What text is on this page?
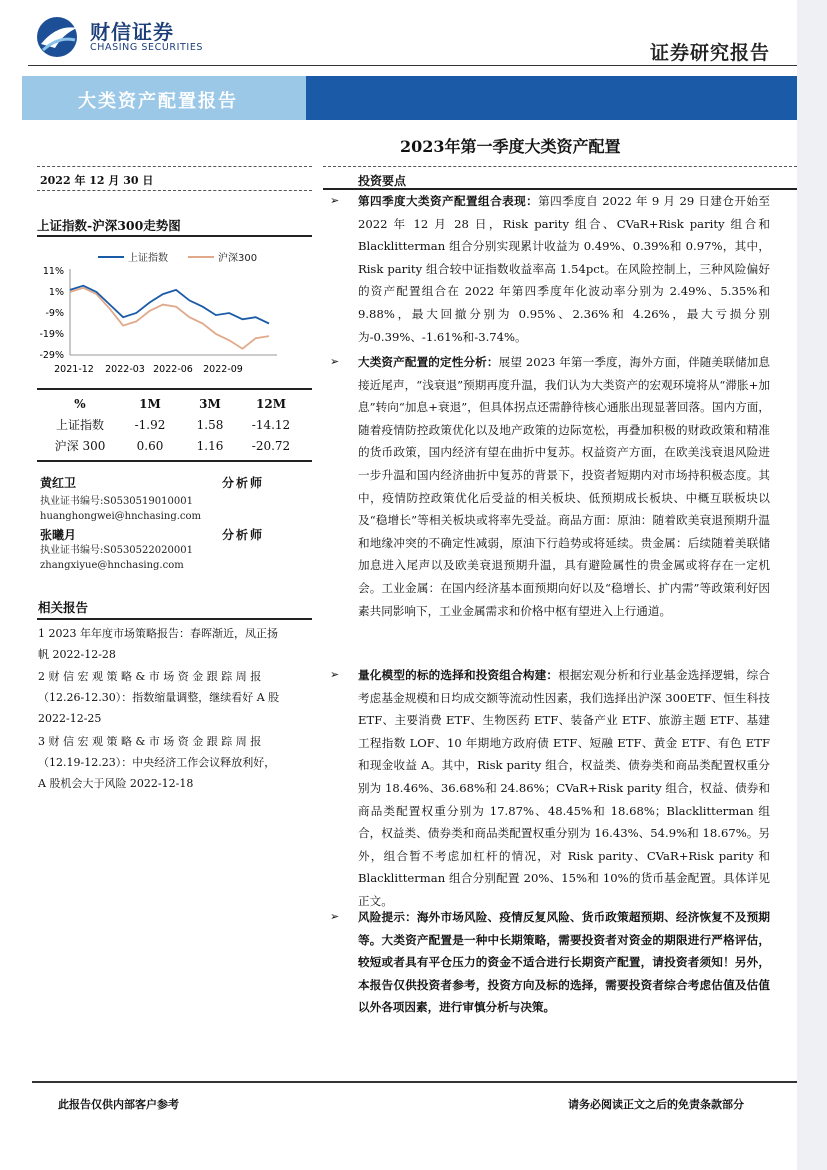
财信证券
CHASING SECURITIES	证券研究报告
大类资产配置报告
2023年第一季度大类资产配置
2022 年 12 月 30 日
上证指数-沪深300走势图
上证指数	沪深300
11%
1%
-9%
-19%
-29%
2021-12 2022-03 2022-06 2022-09
%	1M	3M	12M
上证指数	-1.92	1.58	-14.12
沪深 300	0.60	1.16	-20.72
黄红卫	分析师
执业证书编号:S0530519010001
huanghongwei@hnchasing.com
张曦月	分析师
执业证书编号:S0530522020001
zhangxiyue@hnchasing.com
相关报告
1 2023 年年度市场策略报告：春晖渐近，凤正扬
帆 2022-12-28
2 财 信 宏 观 策 略 & 市 场 资 金 跟 踪 周 报
（12.26-12.30）：指数缩量调整，继续看好 A 股
2022-12-25
3 财 信 宏 观 策 略 & 市 场 资 金 跟 踪 周 报
（12.19-12.23）：中央经济工作会议释放利好，
A 股机会大于风险 2022-12-18
投资要点
➢ 第四季度大类资产配置组合表现：第四季度自 2022 年 9 月 29 日建仓开始至 2022 年 12 月 28 日，Risk parity 组合、CVaR+Risk parity 组合和 Blacklitterman 组合分别实现累计收益为 0.49%、0.39%和 0.97%，其中，Risk parity 组合较中证指数收益率高 1.54pct。在风险控制上，三种风险偏好的资产配置组合在 2022 年第四季度年化波动率分别为 2.49%、5.35%和 9.88%，最大回撤分别为 0.95%、2.36%和 4.26%，最大亏损分别为-0.39%、-1.61%和-3.74%。
➢ 大类资产配置的定性分析：展望 2023 年第一季度，海外方面，伴随美联储加息接近尾声，“浅衰退”预期再度升温，我们认为大类资产的宏观环境将从“滞胀+加息”转向“加息+衰退”，但具体拐点还需静待核心通胀出现显著回落。国内方面，随着疫情防控政策优化以及地产政策的边际宽松，再叠加积极的财政政策和精准的货币政策，国内经济有望在曲折中复苏。权益资产方面，在欧美浅衰退风险进一步升温和国内经济曲折中复苏的背景下，投资者短期内对市场持积极态度。其中，疫情防控政策优化后受益的相关板块、低预期成长板块、中概互联板块以及“稳增长”等相关板块或将率先受益。商品方面：原油：随着欧美衰退预期升温和地缘冲突的不确定性减弱，原油下行趋势或将延续。贵金属：后续随着美联储加息进入尾声以及欧美衰退预期升温，具有避险属性的贵金属或将存在一定机会。工业金属：在国内经济基本面预期向好以及“稳增长、扩内需”等政策利好因素共同影响下，工业金属需求和价格中枢有望进入上行通道。
➢ 量化模型的标的选择和投资组合构建：根据宏观分析和行业基金选择逻辑，综合考虑基金规模和日均成交额等流动性因素，我们选择出沪深 300ETF、恒生科技 ETF、主要消费 ETF、生物医药 ETF、装备产业 ETF、旅游主题 ETF、基建工程指数 LOF、10 年期地方政府债 ETF、短融 ETF、黄金 ETF、有色 ETF 和现金收益 A。其中，Risk parity 组合，权益类、债券类和商品类配置权重分别为 18.46%、36.68%和 24.86%；CVaR+Risk parity 组合，权益、债券和商品类配置权重分别为 17.87%、48.45%和 18.68%；Blacklitterman 组合，权益类、债券类和商品类配置权重分别为 16.43%、54.9%和 18.67%。另外，组合暂不考虑加杠杆的情况，对 Risk parity、CVaR+Risk parity 和 Blacklitterman 组合分别配置 20%、15%和 10%的货币基金配置。具体详见正文。
➢ 风险提示：海外市场风险、疫情反复风险、货币政策超预期、经济恢复不及预期等。大类资产配置是一种中长期策略，需要投资者对资金的期限进行严格评估，较短或者具有平仓压力的资金不适合进行长期资产配置，请投资者须知！另外，本报告仅供投资者参考，投资方向及标的选择，需要投资者综合考虑估值及估值以外各项因素，进行审慎分析与决策。
此报告仅供内部客户参考	请务必阅读正文之后的免责条款部分
